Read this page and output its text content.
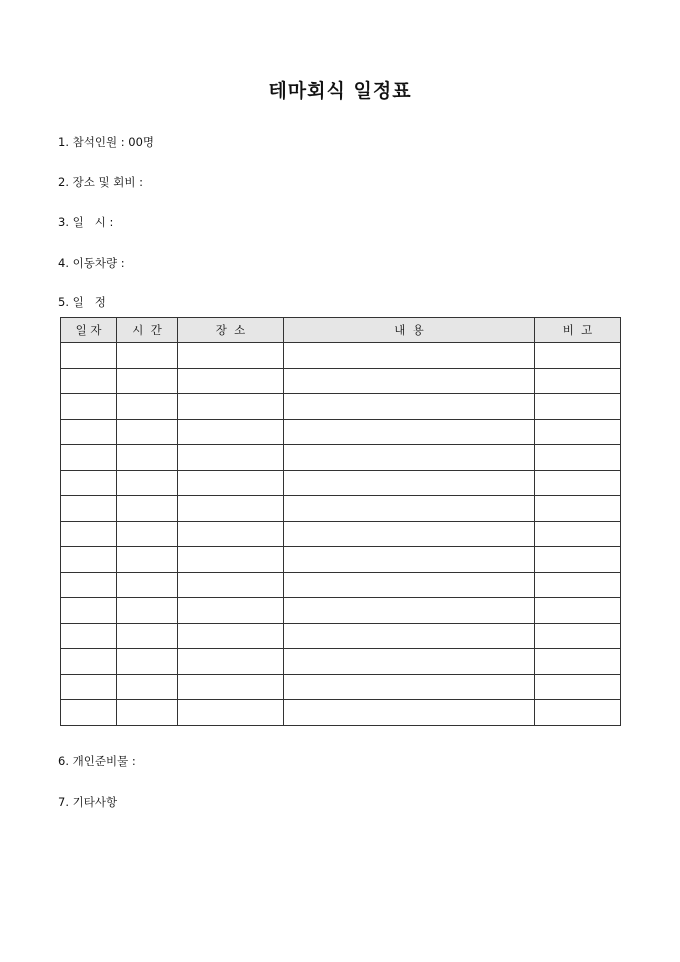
테마회식 일정표
1. 참석인원 : 00명
2. 장소 및 회비 :
3. 일   시 :
4. 이동차량 :
5. 일   정
일 자	시  간	장  소	내  용	비  고

6. 개인준비물 :
7. 기타사항
